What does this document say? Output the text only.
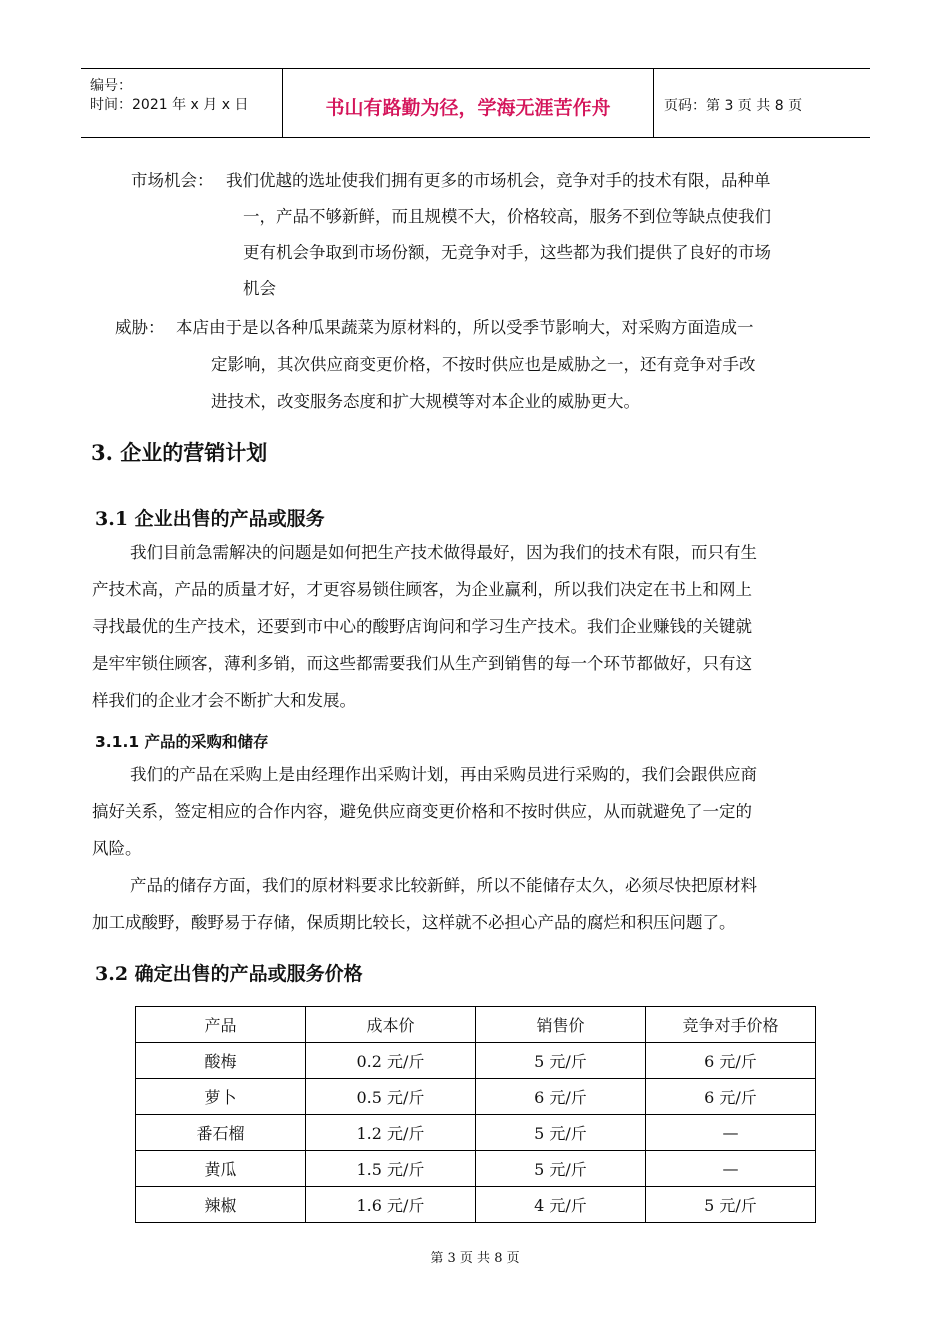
编号：
时间：2021 年 x 月 x 日	书山有路勤为径，学海无涯苦作舟	页码：第 3 页 共 8 页
市场机会： 我们优越的选址使我们拥有更多的市场机会，竞争对手的技术有限，品种单
一，产品不够新鲜，而且规模不大，价格较高，服务不到位等缺点使我们
更有机会争取到市场份额，无竞争对手，这些都为我们提供了良好的市场
机会
威胁： 本店由于是以各种瓜果蔬菜为原材料的，所以受季节影响大，对采购方面造成一
定影响，其次供应商变更价格，不按时供应也是威胁之一，还有竞争对手改
进技术，改变服务态度和扩大规模等对本企业的威胁更大。
3. 企业的营销计划
3.1 企业出售的产品或服务
我们目前急需解决的问题是如何把生产技术做得最好，因为我们的技术有限，而只有生
产技术高，产品的质量才好，才更容易锁住顾客，为企业赢利，所以我们决定在书上和网上
寻找最优的生产技术，还要到市中心的酸野店询问和学习生产技术。我们企业赚钱的关键就
是牢牢锁住顾客，薄利多销，而这些都需要我们从生产到销售的每一个环节都做好，只有这
样我们的企业才会不断扩大和发展。
3.1.1 产品的采购和储存
我们的产品在采购上是由经理作出采购计划，再由采购员进行采购的，我们会跟供应商
搞好关系，签定相应的合作内容，避免供应商变更价格和不按时供应，从而就避免了一定的
风险。
产品的储存方面，我们的原材料要求比较新鲜，所以不能储存太久，必须尽快把原材料
加工成酸野，酸野易于存储，保质期比较长，这样就不必担心产品的腐烂和积压问题了。
3.2 确定出售的产品或服务价格
产品	成本价	销售价	竞争对手价格
酸梅	0.2 元/斤	5 元/斤	6 元/斤
萝卜	0.5 元/斤	6 元/斤	6 元/斤
番石榴	1.2 元/斤	5 元/斤	—
黄瓜	1.5 元/斤	5 元/斤	—
辣椒	1.6 元/斤	4 元/斤	5 元/斤
第 3 页 共 8 页
